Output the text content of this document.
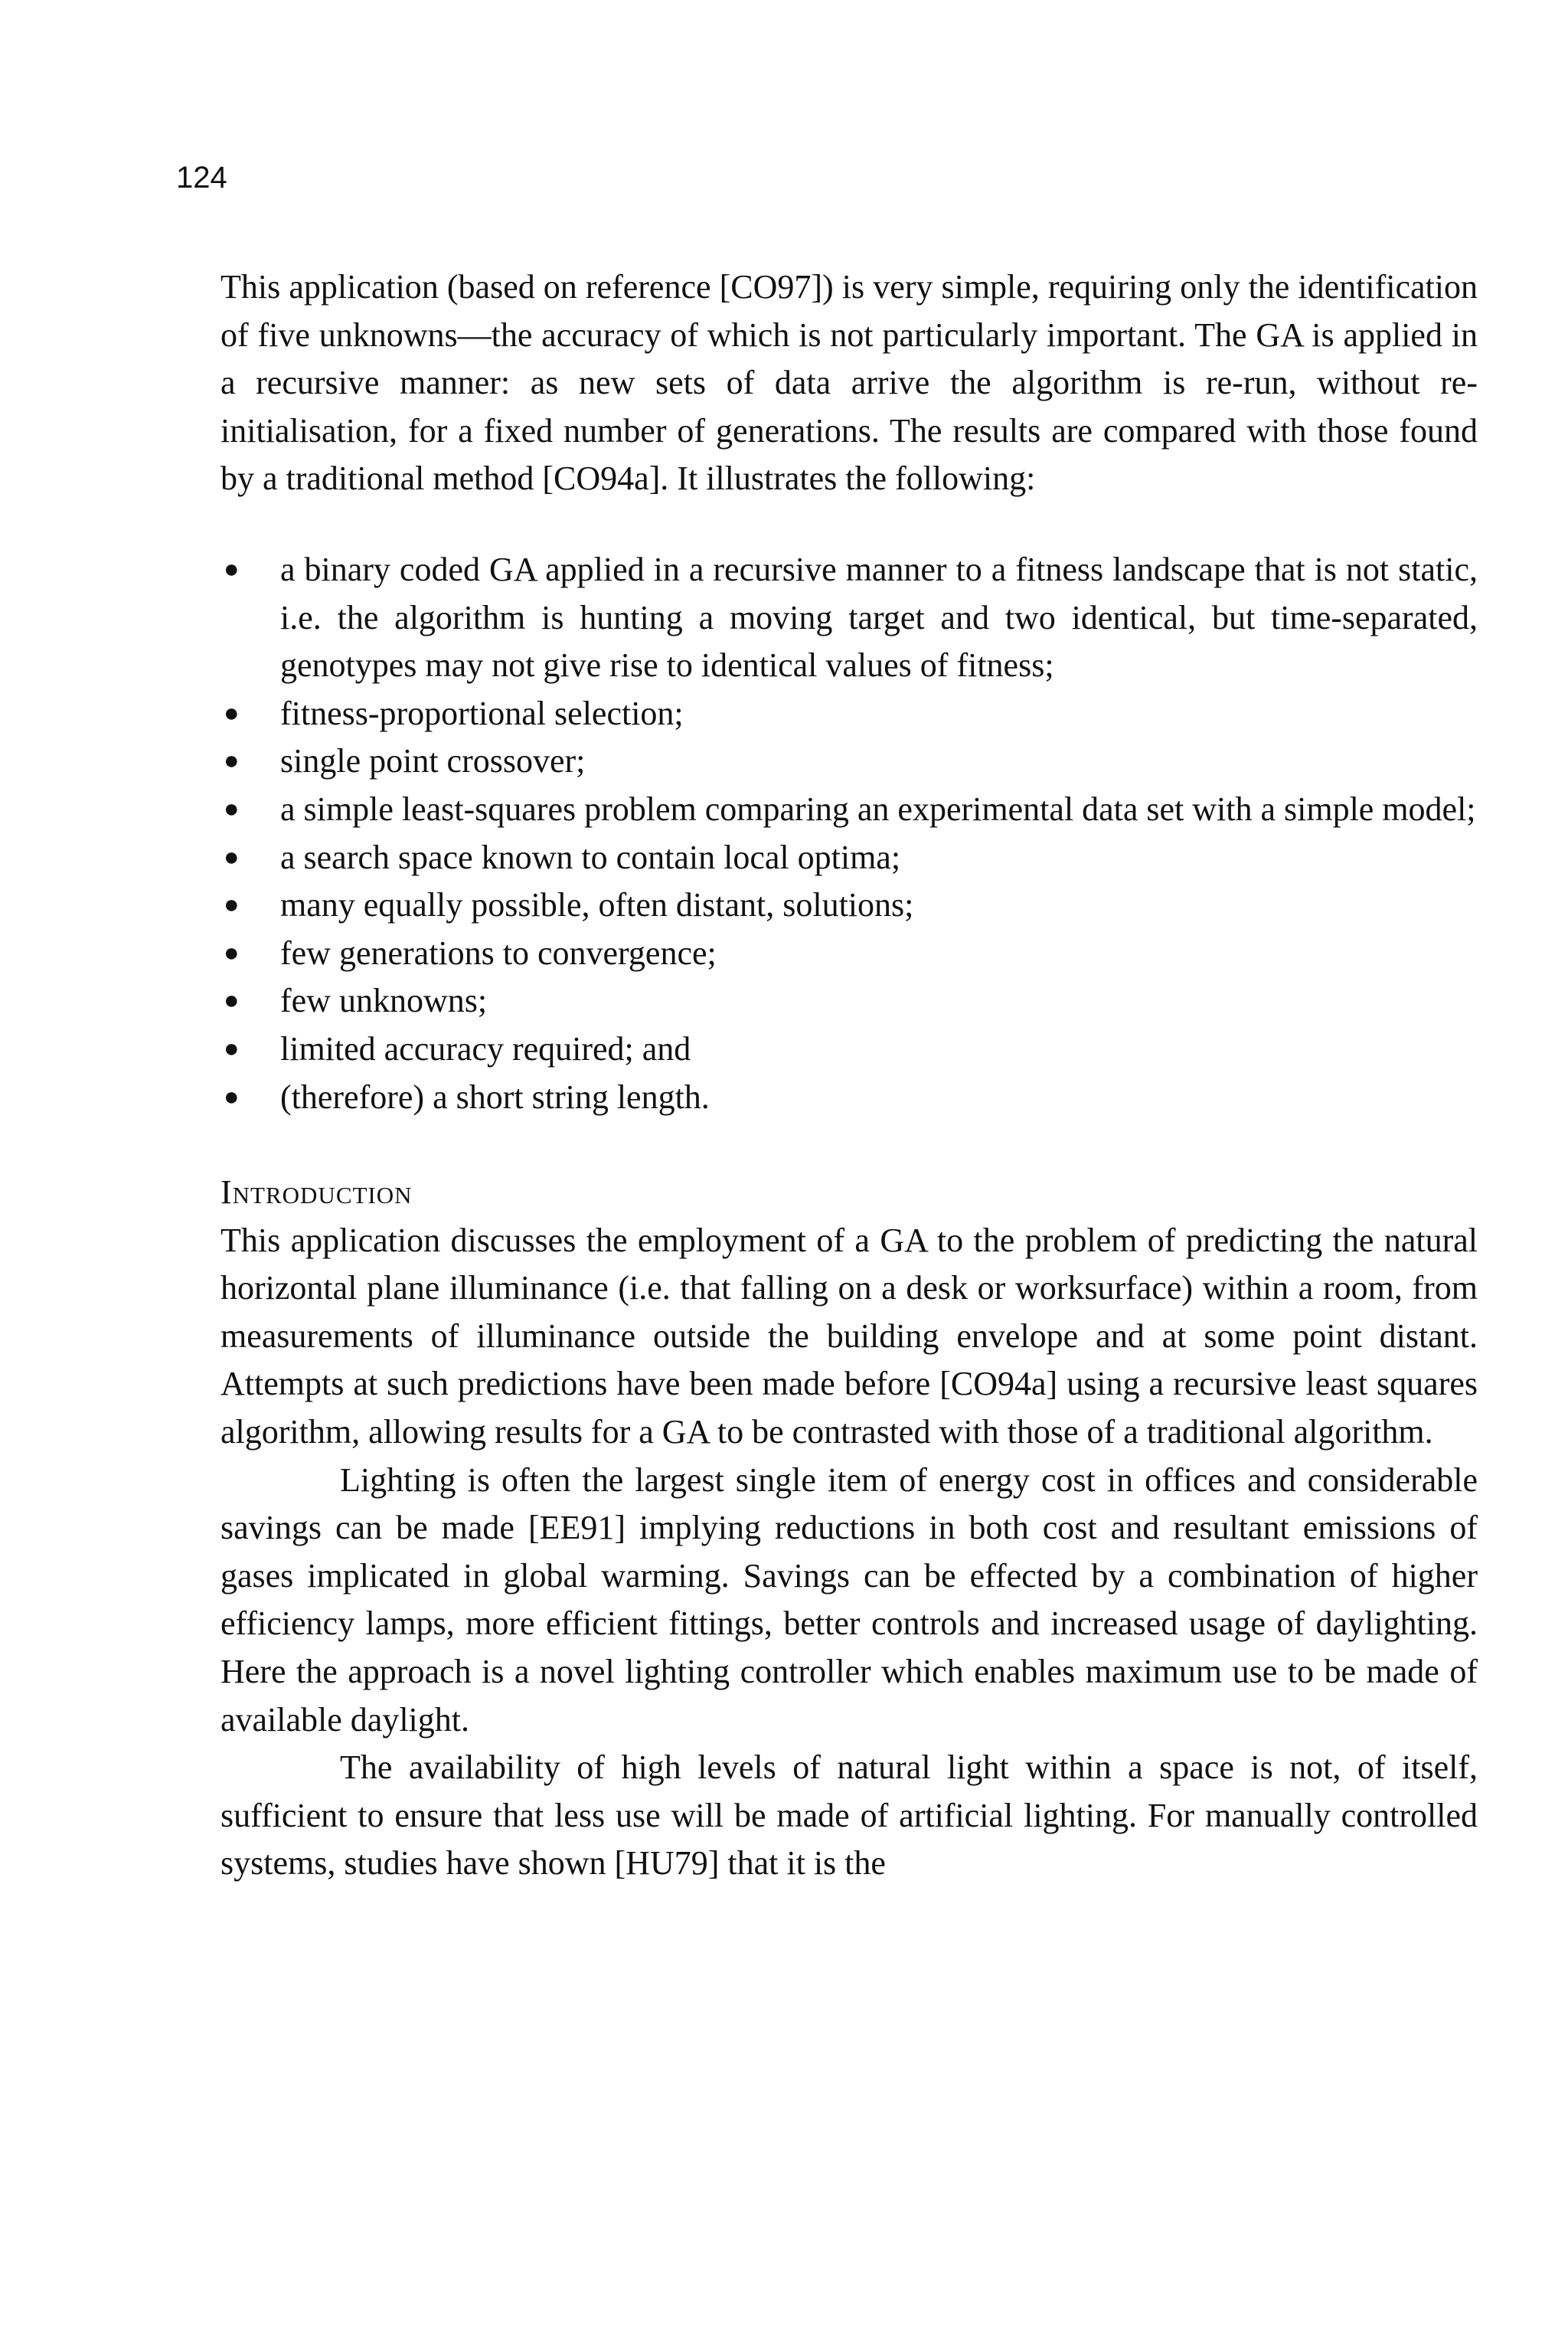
124

This application (based on reference [CO97]) is very simple, requiring only the identification of five unknowns—the accuracy of which is not particularly important. The GA is applied in a recursive manner: as new sets of data arrive the algorithm is re-run, without re-initialisation, for a fixed number of generations. The results are compared with those found by a traditional method [CO94a]. It illustrates the following:

● a binary coded GA applied in a recursive manner to a fitness landscape that is not static, i.e. the algorithm is hunting a moving target and two identical, but time-separated, genotypes may not give rise to identical values of fitness;
● fitness-proportional selection;
● single point crossover;
● a simple least-squares problem comparing an experimental data set with a simple model;
● a search space known to contain local optima;
● many equally possible, often distant, solutions;
● few generations to convergence;
● few unknowns;
● limited accuracy required; and
● (therefore) a short string length.
Introduction

This application discusses the employment of a GA to the problem of predicting the natural horizontal plane illuminance (i.e. that falling on a desk or worksurface) within a room, from measurements of illuminance outside the building envelope and at some point distant. Attempts at such predictions have been made before [CO94a] using a recursive least squares algorithm, allowing results for a GA to be contrasted with those of a traditional algorithm.

Lighting is often the largest single item of energy cost in offices and considerable savings can be made [EE91] implying reductions in both cost and resultant emissions of gases implicated in global warming. Savings can be effected by a combination of higher efficiency lamps, more efficient fittings, better controls and increased usage of daylighting. Here the approach is a novel lighting controller which enables maximum use to be made of available daylight.

The availability of high levels of natural light within a space is not, of itself, sufficient to ensure that less use will be made of artificial lighting. For manually controlled systems, studies have shown [HU79] that it is the
